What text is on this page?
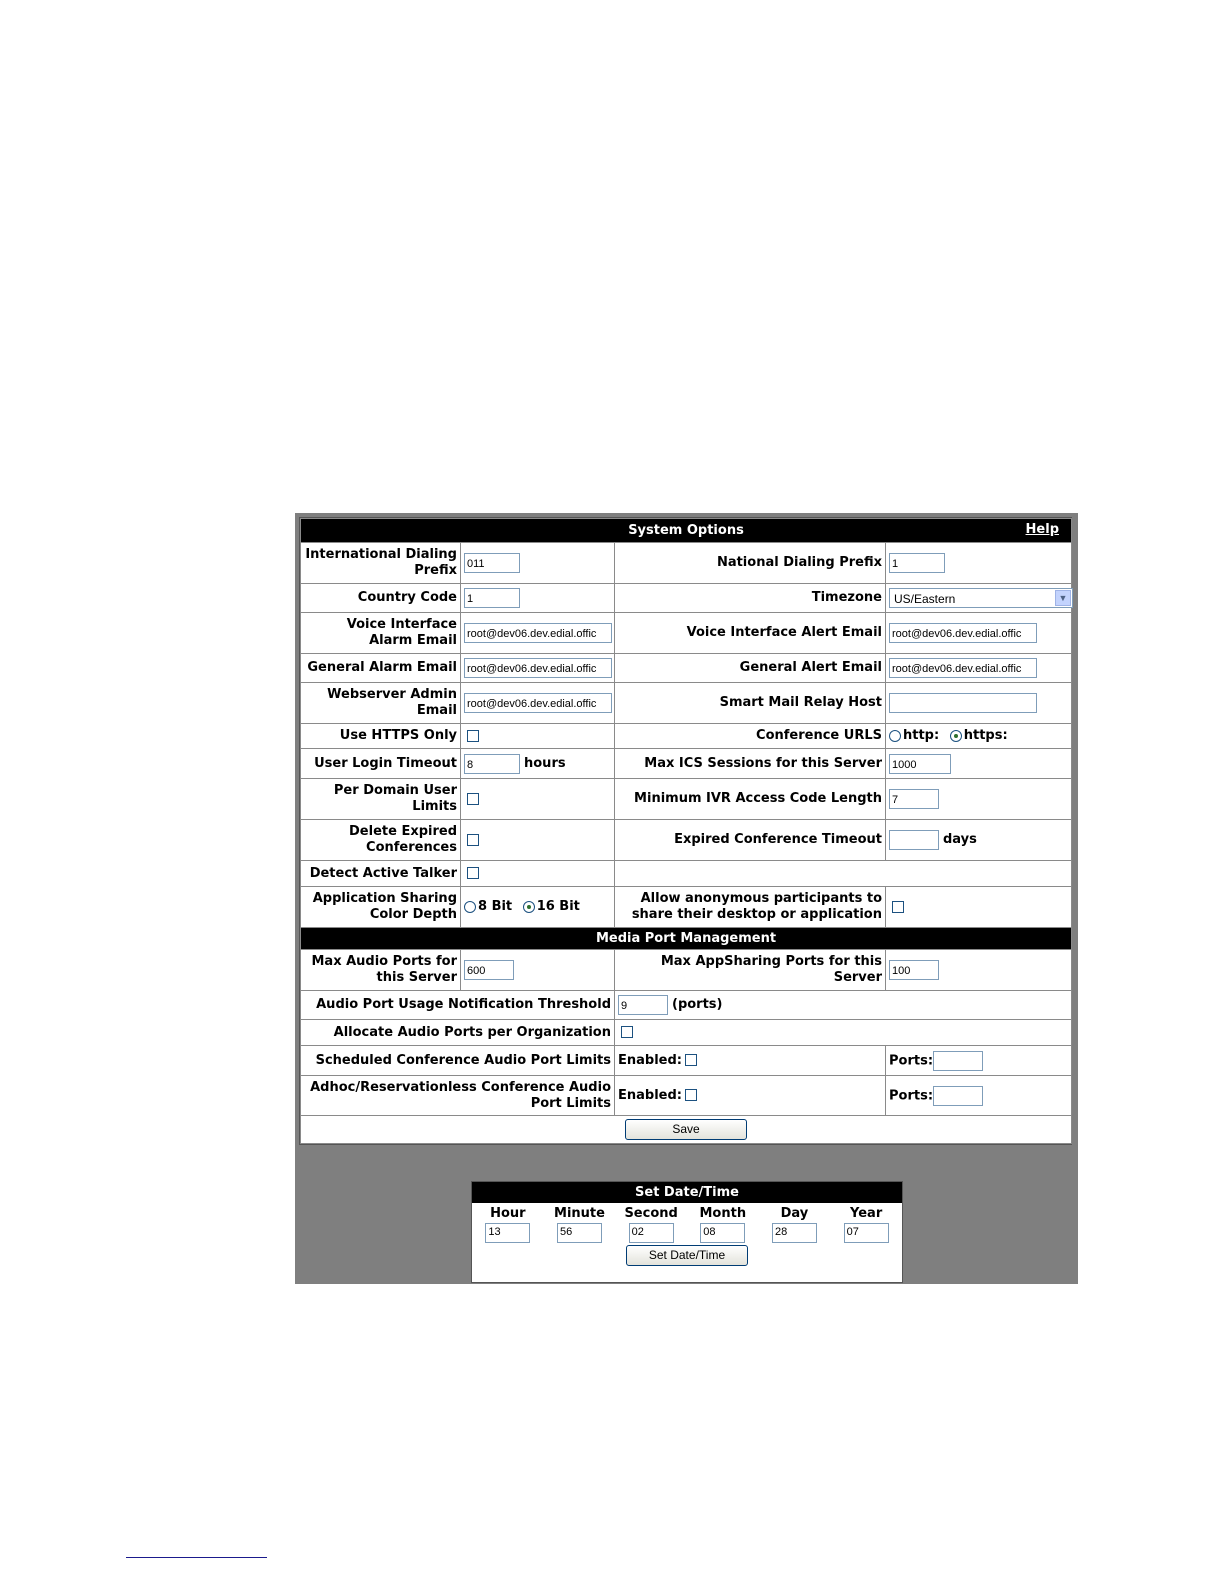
System Options Help			

International Dialing Prefix	011	National Dialing Prefix	1
Country Code	1	Timezone	US/Eastern ▼

Voice Interface Alarm Email	root@dev06.dev.edial.offic	Voice Interface Alert Email	root@dev06.dev.edial.offic
General Alarm Email	root@dev06.dev.edial.offic	General Alert Email	root@dev06.dev.edial.offic
Webserver Admin Email	root@dev06.dev.edial.offic	Smart Mail Relay Host	
Use HTTPS Only		Conference URLS	http: https:
User Login Timeout	8 hours	Max ICS Sessions for this Server	1000
Per Domain User Limits		Minimum IVR Access Code Length	7
Delete Expired Conferences		Expired Conference Timeout	days
Detect Active Talker			
Application Sharing Color Depth	8 Bit 16 Bit	Allow anonymous participants to share their desktop or application	
Media Port Management			
Max Audio Ports for this Server	600	Max AppSharing Ports for this Server	100
Audio Port Usage Notification Threshold		9 (ports)	
Allocate Audio Ports per Organization			
Scheduled Conference Audio Port Limits		Enabled:	Ports:
Adhoc/Reservationless Conference Audio Port Limits		Enabled:	Ports:
Save			
Set Date/Time
Hour	Minute	Second	Month	Day	Year
13	56	02	08	28	07
Set Date/Time					
